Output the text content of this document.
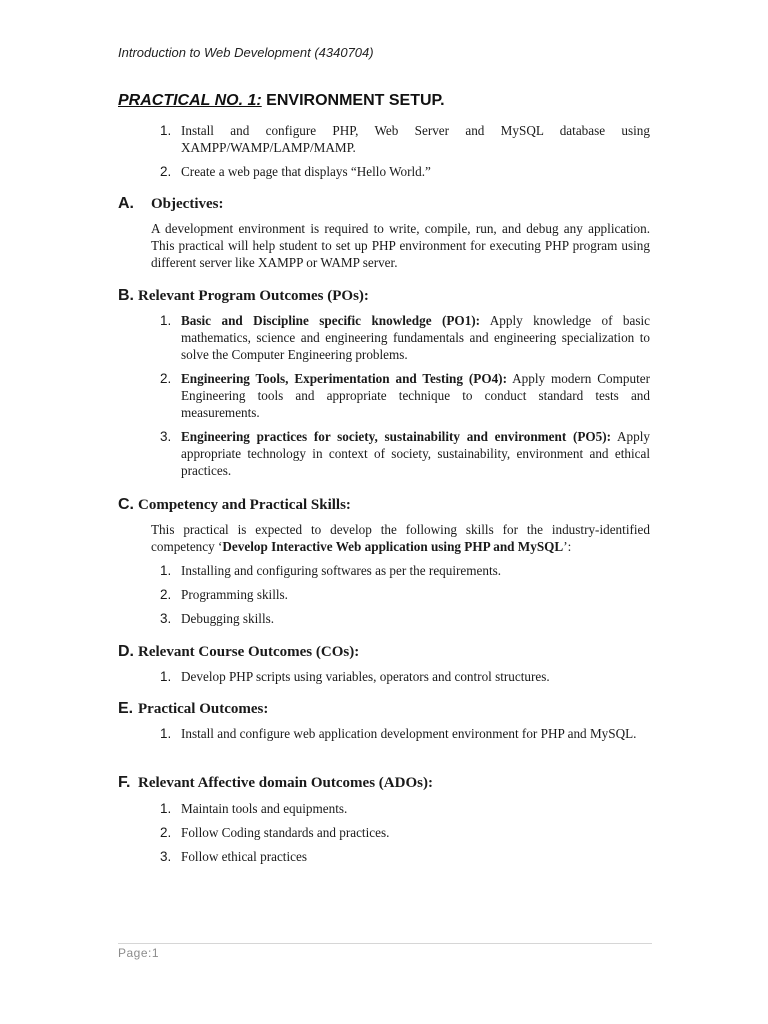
Introduction to Web Development (4340704)
PRACTICAL NO. 1: ENVIRONMENT SETUP.
1. Install and configure PHP, Web Server and MySQL database using XAMPP/WAMP/LAMP/MAMP.
2. Create a web page that displays “Hello World.”
A. Objectives:
A development environment is required to write, compile, run, and debug any application. This practical will help student to set up PHP environment for executing PHP program using different server like XAMPP or WAMP server.
B. Relevant Program Outcomes (POs):
1. Basic and Discipline specific knowledge (PO1): Apply knowledge of basic mathematics, science and engineering fundamentals and engineering specialization to solve the Computer Engineering problems.
2. Engineering Tools, Experimentation and Testing (PO4): Apply modern Computer Engineering tools and appropriate technique to conduct standard tests and measurements.
3. Engineering practices for society, sustainability and environment (PO5): Apply appropriate technology in context of society, sustainability, environment and ethical practices.
C. Competency and Practical Skills:
This practical is expected to develop the following skills for the industry-identified competency ‘Develop Interactive Web application using PHP and MySQL’:
1. Installing and configuring softwares as per the requirements.
2. Programming skills.
3. Debugging skills.
D. Relevant Course Outcomes (COs):
1. Develop PHP scripts using variables, operators and control structures.
E. Practical Outcomes:
1. Install and configure web application development environment for PHP and MySQL.
F. Relevant Affective domain Outcomes (ADOs):
1. Maintain tools and equipments.
2. Follow Coding standards and practices.
3. Follow ethical practices
Page:1
